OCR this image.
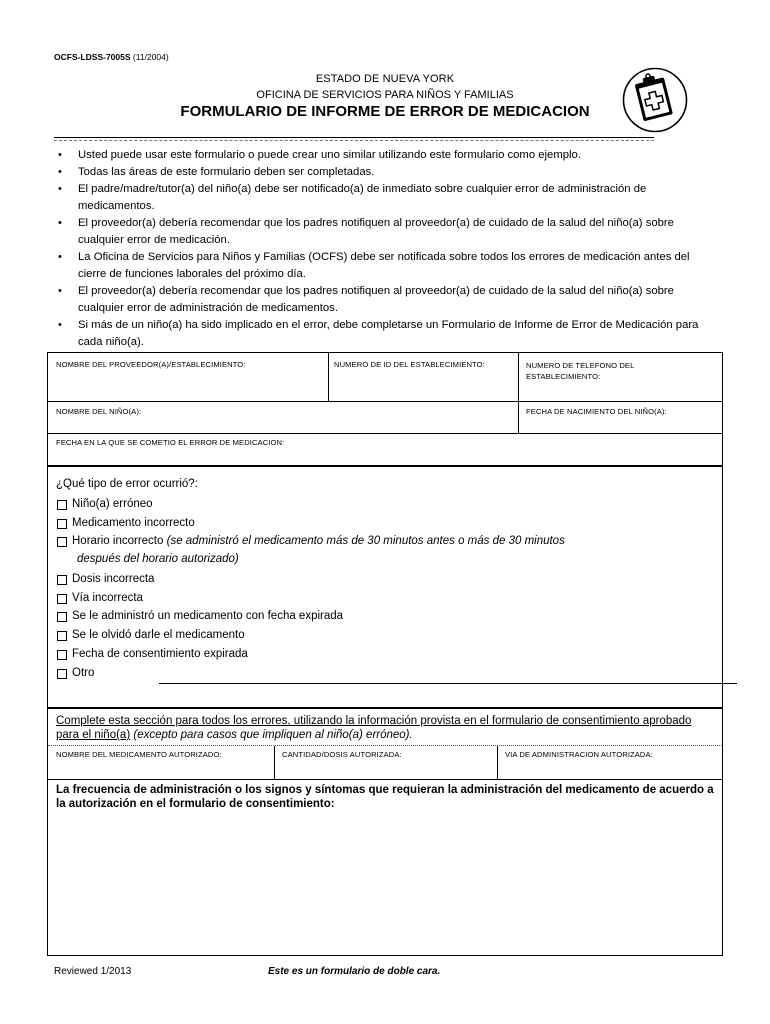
OCFS-LDSS-7005S (11/2004)
ESTADO DE NUEVA YORK
OFICINA DE SERVICIOS PARA NIÑOS Y FAMILIAS
FORMULARIO DE INFORME DE ERROR DE MEDICACION
• Usted puede usar este formulario o puede crear uno similar utilizando este formulario como ejemplo.
• Todas las áreas de este formulario deben ser completadas.
• El padre/madre/tutor(a) del niño(a) debe ser notificado(a) de inmediato sobre cualquier error de administración de medicamentos.
• El proveedor(a) debería recomendar que los padres notifiquen al proveedor(a) de cuidado de la salud del niño(a) sobre cualquier error de medicación.
• La Oficina de Servicios para Niños y Familias (OCFS) debe ser notificada sobre todos los errores de medicación antes del cierre de funciones laborales del próximo día.
• El proveedor(a) debería recomendar que los padres notifiquen al proveedor(a) de cuidado de la salud del niño(a) sobre cualquier error de administración de medicamentos.
• Si más de un niño(a) ha sido implicado en el error, debe completarse un Formulario de Informe de Error de Medicación para cada niño(a).
NOMBRE DEL PROVEEDOR(A)/ESTABLECIMIENTO:	NUMERO DE ID DEL ESTABLECIMIENTO:	NUMERO DE TELEFONO DEL ESTABLECIMIENTO:
NOMBRE DEL NIÑO(A):	FECHA DE NACIMIENTO DEL NIÑO(A):
FECHA EN LA QUE SE COMETIO EL ERROR DE MEDICACION:
¿Qué tipo de error ocurrió?:
Niño(a) erróneo
Medicamento incorrecto
Horario incorrecto
(se administró el medicamento más de 30 minutos antes o más de 30 minutos
después del horario autorizado)
Dosis incorrecta
Vía incorrecta
Se le administró un medicamento con fecha expirada
Se le olvidó darle el medicamento
Fecha de consentimiento expirada
Otro
Complete esta sección para todos los errores, utilizando la información provista en el formulario de consentimiento aprobado para el niño(a) (excepto para casos que impliquen al niño(a) erróneo).
NOMBRE DEL MEDICAMENTO AUTORIZADO:	CANTIDAD/DOSIS AUTORIZADA:	VIA DE ADMINISTRACION AUTORIZADA:
La frecuencia de administración o los signos y síntomas que requieran la administración del medicamento de acuerdo a la autorización en el formulario de consentimiento:
Reviewed 1/2013	Este es un formulario de doble cara.
